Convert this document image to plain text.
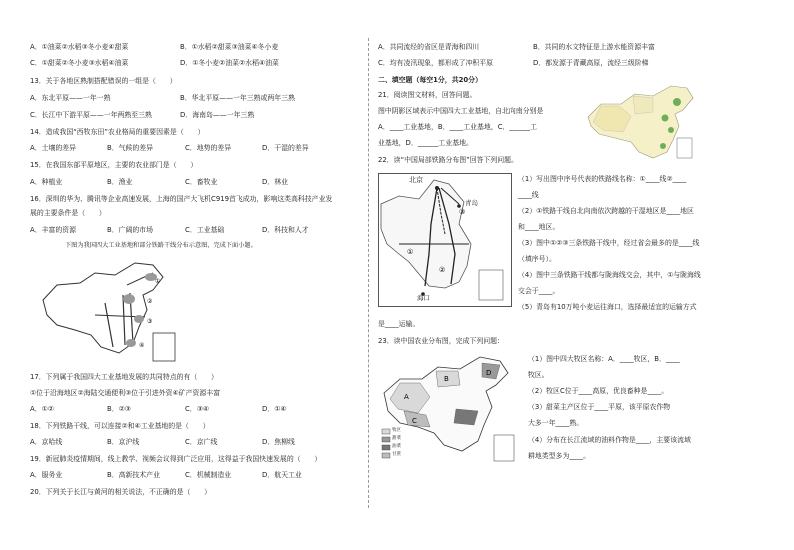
A．①油菜②水稻③冬小麦④甜菜	B．①水稻②甜菜③油菜④冬小麦
C．①甜菜②冬小麦③水稻④油菜	D．①冬小麦②油菜②水稻④油菜
13．关于各地区熟制搭配错误的一组是（　　）
A．东北平原——一年一熟	B．华北平原——一年三熟或两年三熟
C．长江中下游平原——一年两熟至三熟	D．海南岛——一年三熟
14．造成我国“西牧东田”农业格局的重要因素是（　　）
A．土壤的差异	B．气候的差异	C．地势的差异	D．干湿的差异
15．在我国东部平原地区，主要的农业部门是（　　）
A．种植业	B．渔业	C．畜牧业	D．林业
16．深圳的华为、腾讯等企业高速发展，上海的国产大飞机C919首飞成功，影响这类高科技产业发
展的主要条件是（　　）
A．丰富的资源	B．广阔的市场	C．工业基础	D．科技和人才
下图为我国四大工业基地和部分铁路干线分布示意图，完成下面小题。
①
②
③
④
17．下列属于我国四大工业基地发展的共同特点的有（　　）
①位于沿海地区②海陆交通便利③位于引进外资④矿产资源丰富
A．①②	B．②③	C．③④	D．①④
18．下列铁路干线，可以连接②和④工业基地的是（　　）
A．京哈线	B．京沪线	C．京广线	D．焦柳线
19．新冠肺炎疫情期间，线上教学、视频会议得到广泛应用，这得益于我国快速发展的（　　）
A．服务业	B．高新技术产业	C．机械制造业	D．航天工业
20．下列关于长江与黄河的相关说法，不正确的是（　　）
A．共同流经的省区是青海和四川	B．共同的水文特征是上游水能资源丰富
C．均有凌汛现象，都形成了冲积平原	D．都发源于青藏高原，流经三级阶梯
二、填空题（每空1分，共20分）
21．阅读图文材料，回答问题。
图中阴影区域表示中国四大工业基地，自北向南分别是
A．____工业基地，B．____工业基地，C．______工
业基地，D．______工业基地。
22．读“中国局部铁路分布图”回答下列问题。
①
②
③
北京
青岛
海口
（1）写出图中序号代表的铁路线名称：①____线②____
____线
（2）①铁路干线自北向南依次跨越的干湿地区是____地区
和____地区。
（3）图中①②③三条铁路干线中，经过省会最多的是____线
（填序号）。
（4）图中三条铁路干线都与陇海线交会，其中，①与陇海线
交会于____。
（5）青岛有10万吨小麦运往海口，选择最适宜的运输方式
是____运输。
23．读中国农业分布图，完成下列问题：
A
B
C
D
牧区
甜菜
油菜
甘蔗
（1）图中四大牧区名称：A．____牧区，B．____
牧区。
（2）牧区C位于____高原，优良畜种是____。
（3）甜菜主产区位于____平原，该平原农作物
大多一年____熟。
（4）分布在长江流域的油料作物是____，主要该流域
耕地类型多为____。
